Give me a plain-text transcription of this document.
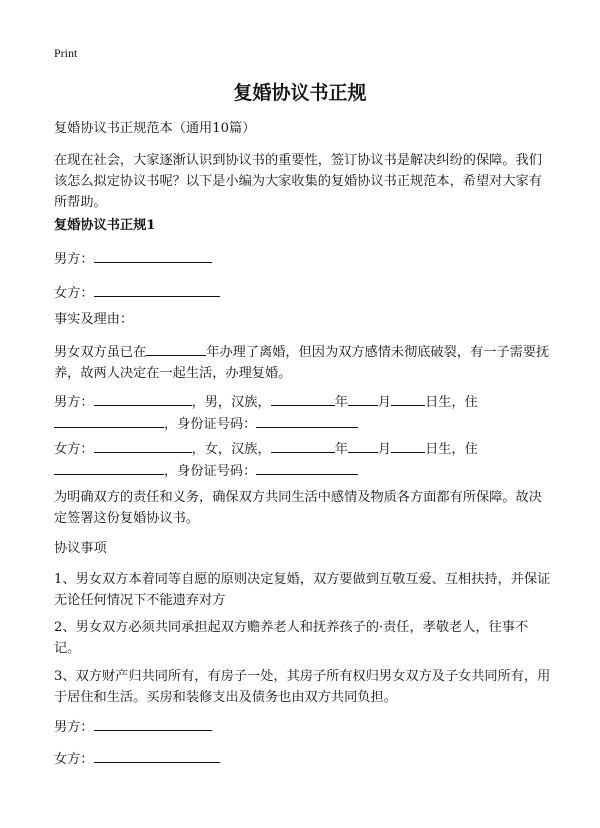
Print
复婚协议书正规

复婚协议书正规范本（通用10篇）

在现在社会，大家逐渐认识到协议书的重要性，签订协议书是解决纠纷的保障。我们该怎么拟定协议书呢？以下是小编为大家收集的复婚协议书正规范本，希望对大家有所帮助。

复婚协议书正规1

男方：

女方：

事实及理由：

男女双方虽已在	年办理了离婚，但因为双方感情未彻底破裂，有一子需要抚养，故两人决定在一起生活，办理复婚。

男方：	，男，汉族，	年 月	日生，住
，身份证号码：

女方：	，女，汉族，	年 月	日生，住
，身份证号码：

为明确双方的责任和义务，确保双方共同生活中感情及物质各方面都有所保障。故决定签署这份复婚协议书。

协议事项

1、男女双方本着同等自愿的原则决定复婚，双方要做到互敬互爱、互相扶持，并保证无论任何情况下不能遗弃对方

2、男女双方必须共同承担起双方赡养老人和抚养孩子的·责任，孝敬老人，往事不记。

3、双方财产归共同所有，有房子一处，其房子所有权归男女双方及子女共同所有，用于居住和生活。买房和装修支出及债务也由双方共同负担。

男方：

女方：
